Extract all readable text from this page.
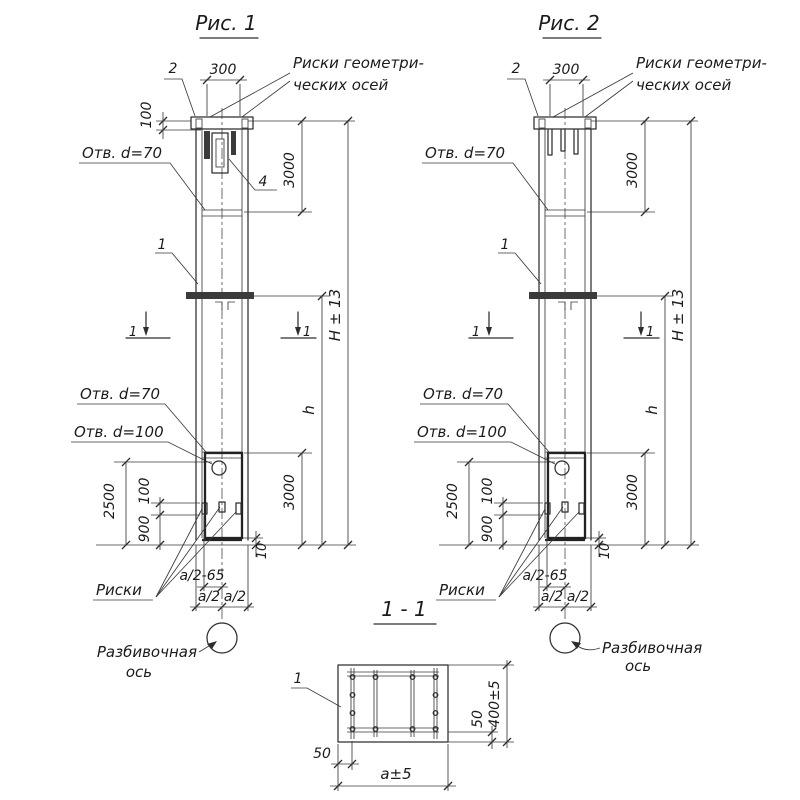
Рис. 1
300
2	Риски геометри-
ческих осей
100
3000
Отв. d=70
4
1
1	1
h
H ± 13
2500 100
900
3000
10
Отв. d=70
Отв. d=100
Риски
a/2-65
a/2 a/2
Разбивочная
ось
Рис. 2
300
2	Риски геометри-
ческих осей
3000
Отв. d=70
1
1	1
h
H ± 13
2500 100
900
3000
10
Отв. d=70
Отв. d=100
Риски
a/2-65
a/2 a/2
Разбивочная
ось
1 - 1
1
50
a±5
50 400±5
